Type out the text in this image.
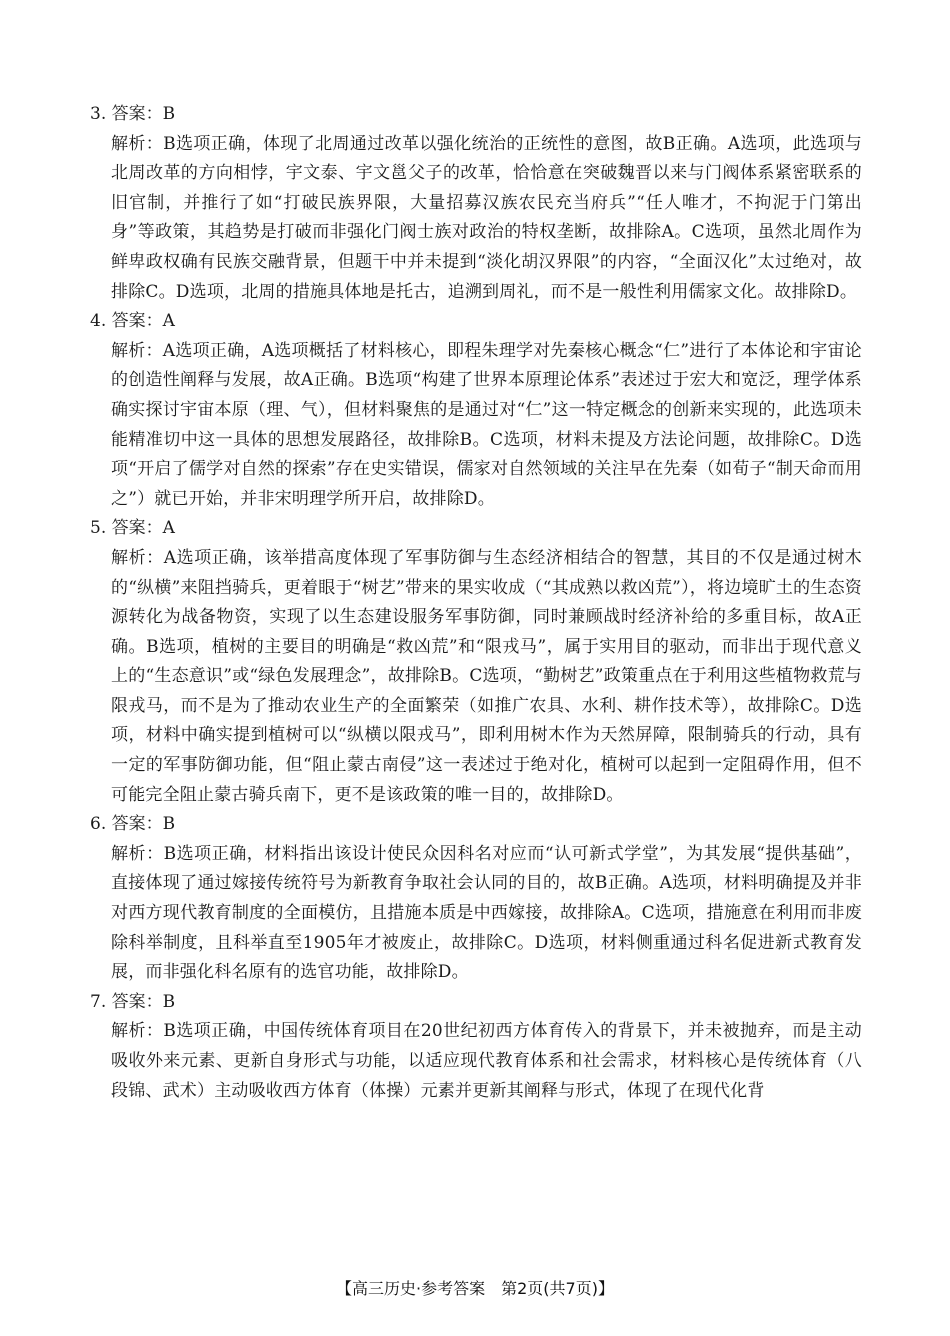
3. 答案：B

解析：B选项正确，体现了北周通过改革以强化统治的正统性的意图，故B正确。A选项，此选项与北周改革的方向相悖，宇文泰、宇文邕父子的改革，恰恰意在突破魏晋以来与门阀体系紧密联系的旧官制，并推行了如“打破民族界限，大量招募汉族农民充当府兵”“任人唯才，不拘泥于门第出身”等政策，其趋势是打破而非强化门阀士族对政治的特权垄断，故排除A。C选项，虽然北周作为鲜卑政权确有民族交融背景，但题干中并未提到“淡化胡汉界限”的内容，“全面汉化”太过绝对，故排除C。D选项，北周的措施具体地是托古，追溯到周礼，而不是一般性利用儒家文化。故排除D。

4. 答案：A

解析：A选项正确，A选项概括了材料核心，即程朱理学对先秦核心概念“仁”进行了本体论和宇宙论的创造性阐释与发展，故A正确。B选项“构建了世界本原理论体系”表述过于宏大和宽泛，理学体系确实探讨宇宙本原（理、气），但材料聚焦的是通过对“仁”这一特定概念的创新来实现的，此选项未能精准切中这一具体的思想发展路径，故排除B。C选项，材料未提及方法论问题，故排除C。D选项“开启了儒学对自然的探索”存在史实错误，儒家对自然领域的关注早在先秦（如荀子“制天命而用之”）就已开始，并非宋明理学所开启，故排除D。

5. 答案：A

解析：A选项正确，该举措高度体现了军事防御与生态经济相结合的智慧，其目的不仅是通过树木的“纵横”来阻挡骑兵，更着眼于“树艺”带来的果实收成（“其成熟以救凶荒”），将边境旷土的生态资源转化为战备物资，实现了以生态建设服务军事防御，同时兼顾战时经济补给的多重目标，故A正确。B选项，植树的主要目的明确是“救凶荒”和“限戎马”，属于实用目的驱动，而非出于现代意义上的“生态意识”或“绿色发展理念”，故排除B。C选项，“勤树艺”政策重点在于利用这些植物救荒与限戎马，而不是为了推动农业生产的全面繁荣（如推广农具、水利、耕作技术等），故排除C。D选项，材料中确实提到植树可以“纵横以限戎马”，即利用树木作为天然屏障，限制骑兵的行动，具有一定的军事防御功能，但“阻止蒙古南侵”这一表述过于绝对化，植树可以起到一定阻碍作用，但不可能完全阻止蒙古骑兵南下，更不是该政策的唯一目的，故排除D。

6. 答案：B

解析：B选项正确，材料指出该设计使民众因科名对应而“认可新式学堂”，为其发展“提供基础”，直接体现了通过嫁接传统符号为新教育争取社会认同的目的，故B正确。A选项，材料明确提及并非对西方现代教育制度的全面模仿，且措施本质是中西嫁接，故排除A。C选项，措施意在利用而非废除科举制度，且科举直至1905年才被废止，故排除C。D选项，材料侧重通过科名促进新式教育发展，而非强化科名原有的选官功能，故排除D。

7. 答案：B

解析：B选项正确，中国传统体育项目在20世纪初西方体育传入的背景下，并未被抛弃，而是主动吸收外来元素、更新自身形式与功能，以适应现代教育体系和社会需求，材料核心是传统体育（八段锦、武术）主动吸收西方体育（体操）元素并更新其阐释与形式，体现了在现代化背

【高三历史·参考答案　第2页(共7页)】
